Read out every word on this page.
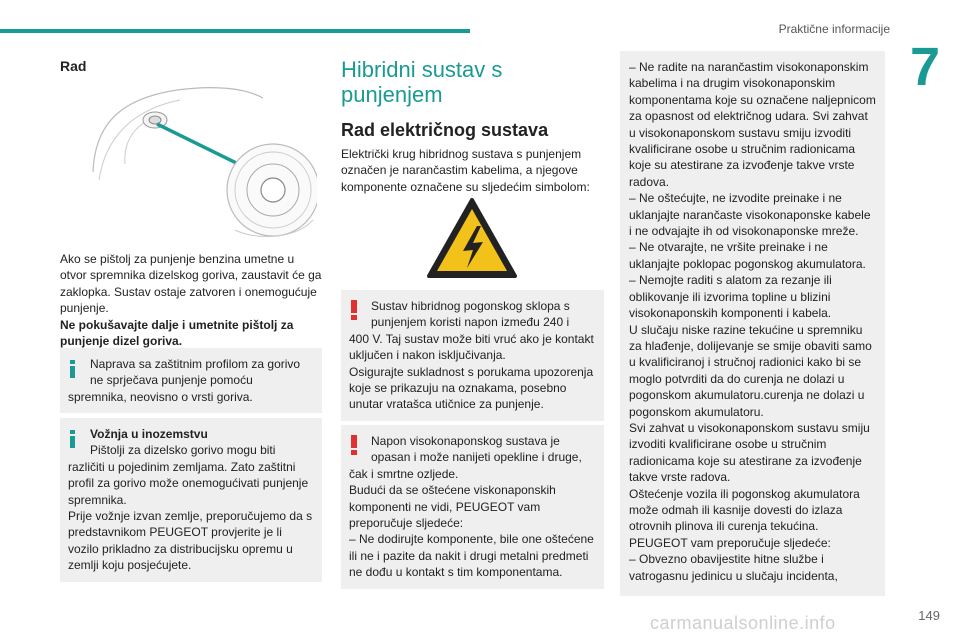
Praktične informacije
7
Rad

Ako se pištolj za punjenje benzina umetne u otvor spremnika dizelskog goriva, zaustavit će ga zaklopka. Sustav ostaje zatvoren i onemogućuje punjenje.

Ne pokušavajte dalje i umetnite pištolj za punjenje dizel goriva.

Naprava sa zaštitnim profilom za gorivo ne sprječava punjenje pomoću
spremnika, neovisno o vrsti goriva.
Vožnja u inozemstvu
Pištolji za dizelsko gorivo mogu biti
različiti u pojedinim zemljama. Zato zaštitni profil za gorivo može onemogućivati punjenje spremnika.
Prije vožnje izvan zemlje, preporučujemo da s predstavnikom PEUGEOT provjerite je li vozilo prikladno za distribucijsku opremu u zemlji koju posjećujete.
Hibridni sustav s punjenjem
Rad električnog sustava

Električki krug hibridnog sustava s punjenjem označen je narančastim kabelima, a njegove komponente označene su sljedećim simbolom:

Sustav hibridnog pogonskog sklopa s punjenjem koristi napon između 240 i
400 V. Taj sustav može biti vruć ako je kontakt uključen i nakon isključivanja.
Osigurajte sukladnost s porukama upozorenja koje se prikazuju na oznakama, posebno unutar vratašca utičnice za punjenje.
Napon visokonaponskog sustava je opasan i može nanijeti opekline i druge,
čak i smrtne ozljede.
Budući da se oštećene viskonaponskih komponenti ne vidi, PEUGEOT vam preporučuje sljedeće:
– Ne dodirujte komponente, bile one oštećene ili ne i pazite da nakit i drugi metalni predmeti ne dođu u kontakt s tim komponentama.
– Ne radite na narančastim visokonaponskim kabelima i na drugim visokonaponskim komponentama koje su označene naljepnicom za opasnost od električnog udara. Svi zahvat u visokonaponskom sustavu smiju izvoditi kvalificirane osobe u stručnim radionicama koje su atestirane za izvođenje takve vrste radova.
– Ne oštećujte, ne izvodite preinake i ne uklanjajte narančaste visokonaponske kabele i ne odvajajte ih od visokonaponske mreže.
– Ne otvarajte, ne vršite preinake i ne uklanjajte poklopac pogonskog akumulatora.
– Nemojte raditi s alatom za rezanje ili oblikovanje ili izvorima topline u blizini visokonaponskih komponenti i kabela.
U slučaju niske razine tekućine u spremniku za hlađenje, dolijevanje se smije obaviti samo u kvalificiranoj i stručnoj radionici kako bi se moglo potvrditi da do curenja ne dolazi u pogonskom akumulatoru.curenja ne dolazi u pogonskom akumulatoru.
Svi zahvat u visokonaponskom sustavu smiju izvoditi kvalificirane osobe u stručnim radionicama koje su atestirane za izvođenje takve vrste radova.
Oštećenje vozila ili pogonskog akumulatora može odmah ili kasnije dovesti do izlaza otrovnih plinova ili curenja tekućina.
PEUGEOT vam preporučuje sljedeće:
– Obvezno obavijestite hitne službe i vatrogasnu jedinicu u slučaju incidenta,
carmanualsonline.info	149
